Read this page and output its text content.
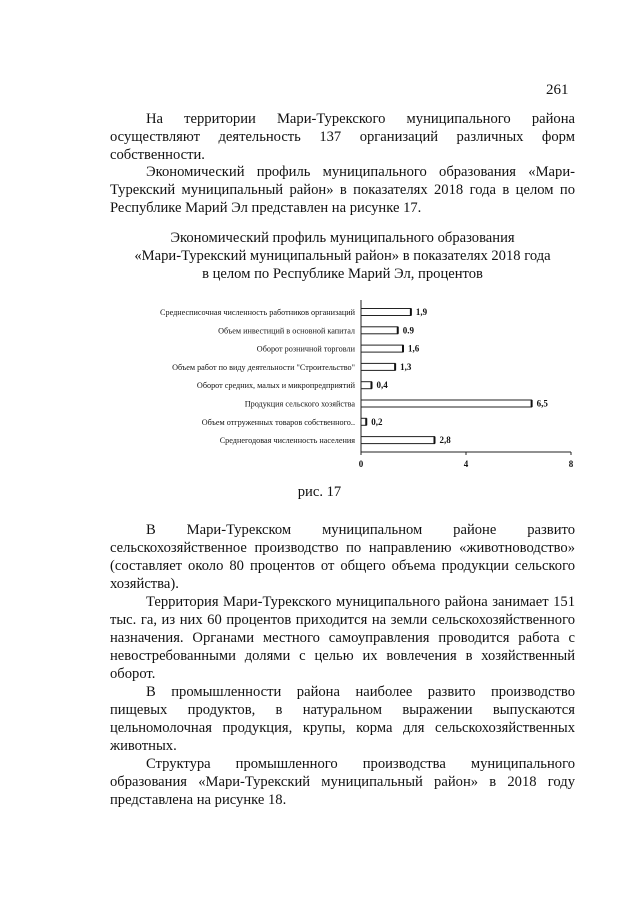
261

На территории Мари-Турекского муниципального района осуществляют деятельность 137 организаций различных форм собственности.

Экономический профиль муниципального образования «Мари-Турекский муниципальный район» в показателях 2018 года в целом по Республике Марий Эл представлен на рисунке 17.

Экономический профиль муниципального образования
«Мари-Турекский муниципальный район» в показателях 2018 года
в целом по Республике Марий Эл, процентов
0	4	8
Среднесписочная численность работников организаций	1,9
Объем инвестиций в основной капитал	0.9
Оборот розничной торговли	1,6
Объем работ по виду деятельности "Строительство"	1,3
Оборот средних, малых и микропредприятий 0,4
Продукция сельского хозяйства	6,5
Объем отгруженных товаров собственного.. 0,2
Среднегодовая численность населения	2,8
рис. 17

В Мари-Турекском муниципальном районе развито сельскохозяйственное производство по направлению «животноводство» (составляет около 80 процентов от общего объема продукции сельского хозяйства).

Территория Мари-Турекского муниципального района занимает 151 тыс. га, из них 60 процентов приходится на земли сельскохозяйственного назначения. Органами местного самоуправления проводится работа с невостребованными долями с целью их вовлечения в хозяйственный оборот.

В промышленности района наиболее развито производство пищевых продуктов, в натуральном выражении выпускаются цельномолочная продукция, крупы, корма для сельскохозяйственных животных.

Структура промышленного производства муниципального образования «Мари-Турекский муниципальный район» в 2018 году представлена на рисунке 18.
